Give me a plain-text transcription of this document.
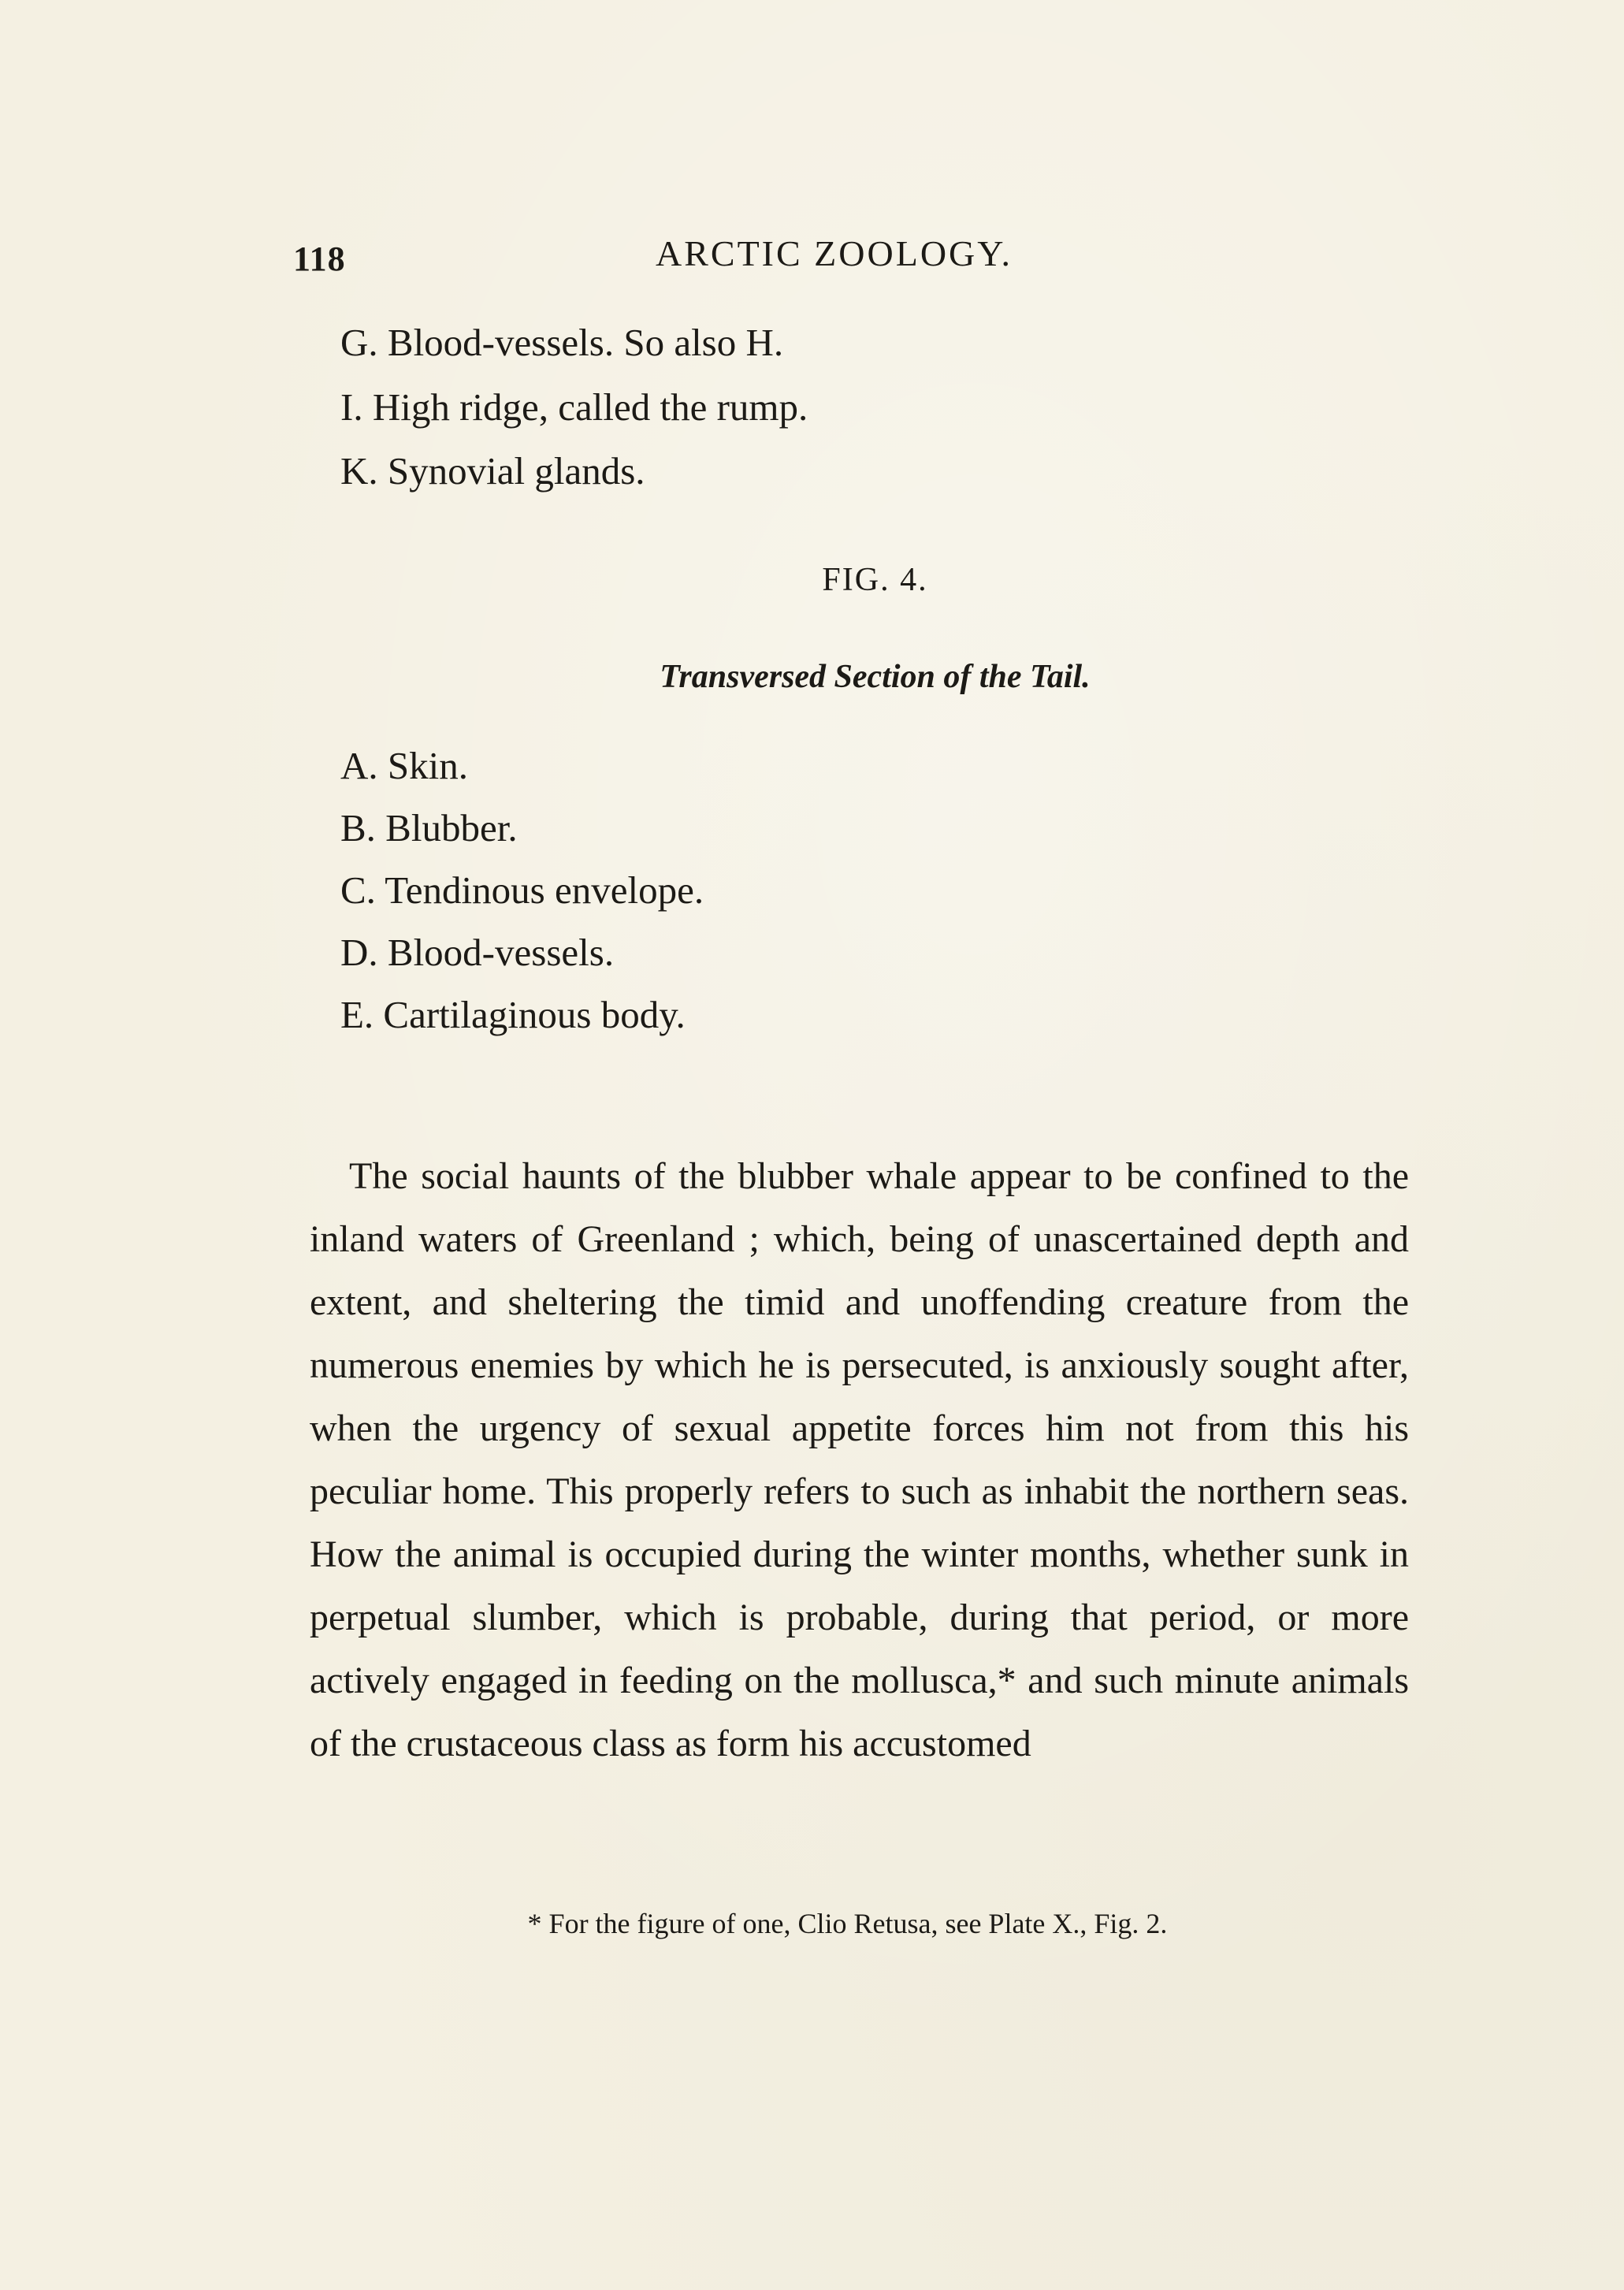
118	ARCTIC ZOOLOGY.
G. Blood-vessels. So also H.
I. High ridge, called the rump.
K. Synovial glands.
FIG. 4.
Transversed Section of the Tail.
A. Skin.
B. Blubber.
C. Tendinous envelope.
D. Blood-vessels.
E. Cartilaginous body.

The social haunts of the blubber whale appear to be confined to the inland waters of Greenland ; which, being of unascertained depth and extent, and sheltering the timid and unoffending creature from the numerous enemies by which he is persecuted, is anxiously sought after, when the urgency of sexual appetite forces him not from this his peculiar home. This properly refers to such as inhabit the northern seas. How the animal is occupied during the winter months, whether sunk in perpetual slumber, which is probable, during that period, or more actively engaged in feeding on the mollusca,* and such minute animals of the crustaceous class as form his accustomed

* For the figure of one, Clio Retusa, see Plate X., Fig. 2.
